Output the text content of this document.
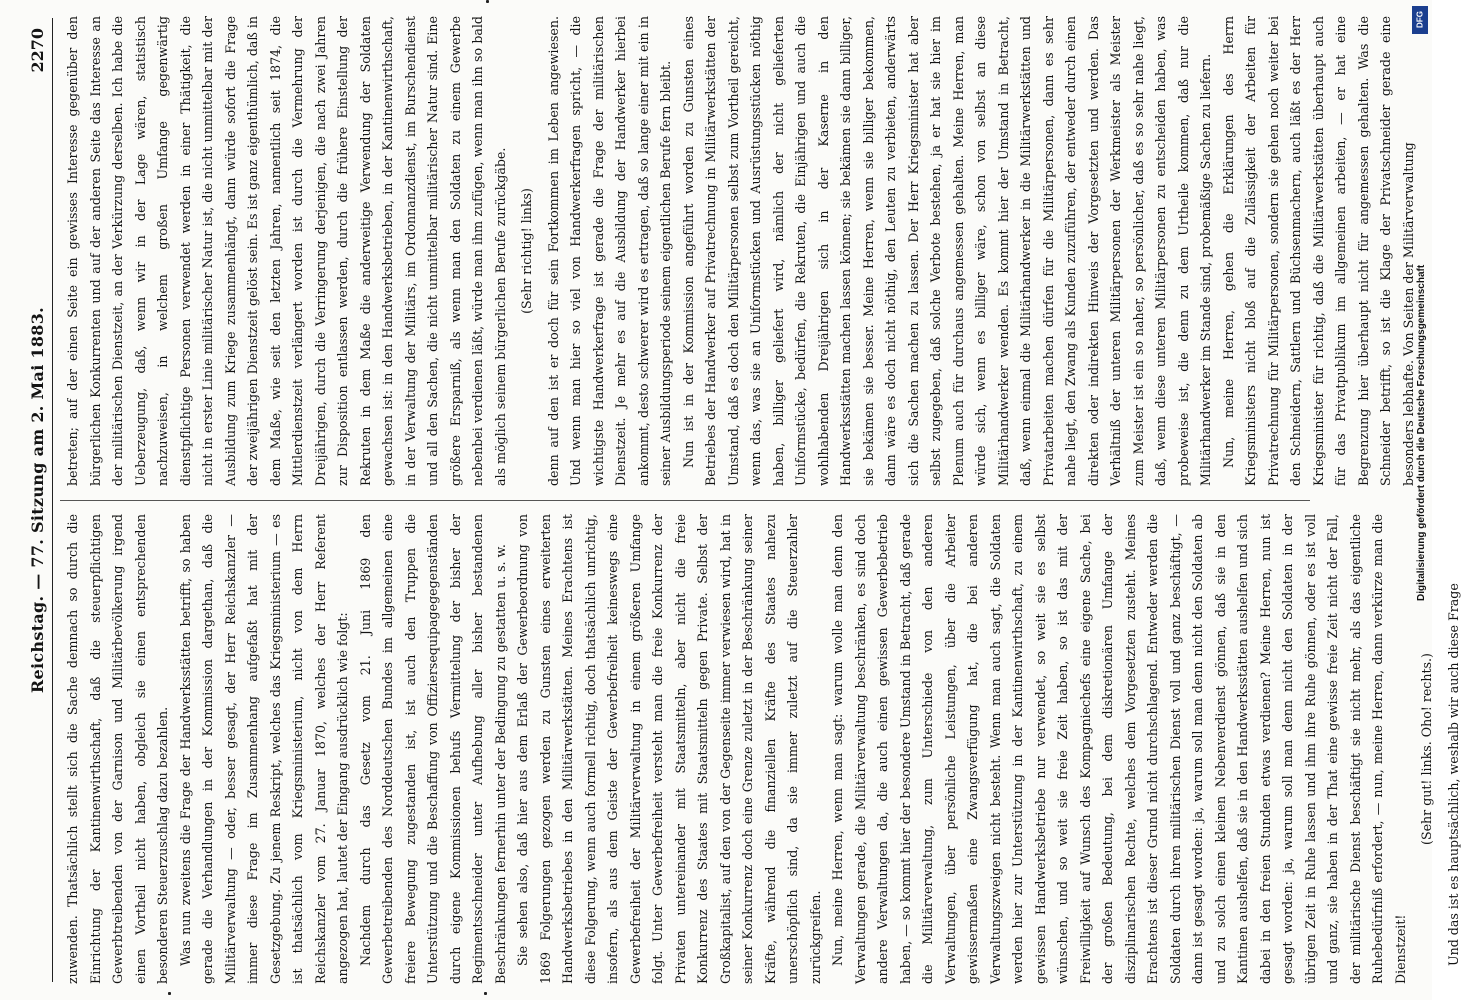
Reichstag. — 77. Sitzung am 2. Mai 1883.
2270

zuwenden. Thatsächlich stellt sich die Sache demnach so durch die Einrichtung der Kantinenwirthschaft, daß die steuerpflichtigen Gewerbtreibenden von der Garnison und Militärbevölkerung irgend einen Vortheil nicht haben, obgleich sie einen entsprechenden besonderen Steuerzuschlag dazu bezahlen. Was nun zweitens die Frage der Handwerksstätten betrifft, so haben gerade die Verhandlungen in der Kommission dargethan, daß die Militärverwaltung — oder, besser gesagt, der Herr Reichskanzler — immer diese Frage im Zusammenhang aufgefaßt hat mit der Gesetzgebung. Zu jenem Reskript, welches das Kriegsministerium — es ist thatsächlich vom Kriegsministerium, nicht von dem Herrn Reichskanzler vom 27. Januar 1870, welches der Herr Referent angezogen hat, lautet der Eingang ausdrücklich wie folgt: Nachdem durch das Gesetz vom 21. Juni 1869 den Gewerbetreibenden des Norddeutschen Bundes im allgemeinen eine freiere Bewegung zugestanden ist, ist auch den Truppen die Unterstützung und die Beschaffung von Offiziersequipagegegenständen durch eigene Kommissionen behufs Vermittelung der bisher der Regimentsschneider unter Aufhebung aller bisher bestandenen Beschränkungen fernerhin unter der Bedingung zu gestatten u. s. w. Sie sehen also, daß hier aus dem Erlaß der Gewerbeordnung von 1869 Folgerungen gezogen werden zu Gunsten eines erweiterten Handwerksbetriebes in den Militärwerkstätten. Meines Erachtens ist diese Folgerung, wenn auch formell richtig, doch thatsächlich unrichtig, insofern, als aus dem Geiste der Gewerbefreiheit keineswegs eine Gewerbefreiheit der Militärverwaltung in einem größeren Umfange folgt. Unter Gewerbefreiheit versteht man die freie Konkurrenz der Privaten untereinander mit Staatsmitteln, aber nicht die freie Konkurrenz des Staates mit Staatsmitteln gegen Private. Selbst der Großkapitalist, auf den von der Gegenseite immer verwiesen wird, hat in seiner Konkurrenz doch eine Grenze zuletzt in der Beschränkung seiner Kräfte, während die finanziellen Kräfte des Staates nahezu unerschöpflich sind, da sie immer zuletzt auf die Steuerzahler zurückgreifen. Nun, meine Herren, wenn man sagt: warum wolle man denn den Verwaltungen gerade, die Militärverwaltung beschränken, es sind doch andere Verwaltungen da, die auch einen gewissen Gewerbebetrieb haben, — so kommt hier der besondere Umstand in Betracht, daß gerade die Militärverwaltung, zum Unterschiede von den anderen Verwaltungen, über persönliche Leistungen, über die Arbeiter gewissermaßen eine Zwangsverfügung hat, die bei anderen Verwaltungszweigen nicht besteht. Wenn man auch sagt, die Soldaten werden hier zur Unterstützung in der Kantinenwirthschaft, zu einem gewissen Handwerksbetriebe nur verwendet, so weit sie es selbst wünschen, und so weit sie freie Zeit haben, so ist das mit der Freiwilligkeit auf Wunsch des Kompagniechefs eine eigene Sache, bei der großen Bedeutung, bei dem diskretionären Umfange der disziplinarischen Rechte, welches dem Vorgesetzten zusteht. Meines Erachtens ist dieser Grund nicht durchschlagend. Entweder werden die Soldaten durch ihren militärischen Dienst voll und ganz beschäftigt, — dann ist gesagt worden: ja, warum soll man denn nicht den Soldaten ab und zu solch einen kleinen Nebenverdienst gönnen, daß sie in den Kantinen aushelfen, daß sie in den Handwerksstätten aushelfen und sich dabei in den freien Stunden etwas verdienen? Meine Herren, nun ist gesagt worden: ja, warum soll man denn nicht den Soldaten in der übrigen Zeit in Ruhe lassen und ihm ihre Ruhe gönnen, oder es ist voll und ganz, sie haben in der That eine gewisse freie Zeit nicht der Fall, der militärische Dienst beschäftigt sie nicht mehr, als das eigentliche Ruhebedürfniß erfordert, — nun, meine Herren, dann verkürze man die Dienstzeit!

(Sehr gut! links. Oho! rechts.) Und das ist es hauptsächlich, weshalb wir auch diese Frage

betreten; auf der einen Seite ein gewisses Interesse gegenüber den bürgerlichen Konkurrenten und auf der anderen Seite das Interesse an der militärischen Dienstzeit, an der Verkürzung derselben. Ich habe die Ueberzeugung, daß, wenn wir in der Lage wären, statistisch nachzuweisen, in welchem großen Umfange gegenwärtig dienstpflichtige Personen verwendet werden in einer Thätigkeit, die nicht in erster Linie militärischer Natur ist, die nicht unmittelbar mit der Ausbildung zum Kriege zusammenhängt, dann würde sofort die Frage der zweijährigen Dienstzeit gelöst sein. Es ist ganz eigenthümlich, daß in dem Maße, wie seit den letzten Jahren, namentlich seit 1874, die Mittlerdienstzeit verlängert worden ist durch die Vermehrung der Dreijährigen, durch die Verringerung derjenigen, die nach zwei Jahren zur Disposition entlassen werden, durch die frühere Einstellung der Rekruten in dem Maße die anderweitige Verwendung der Soldaten gewachsen ist: in den Handwerksbetrieben, in der Kantinenwirthschaft, in der Verwaltung der Militärs, im Ordonnanzdienst, im Burschendienst und all den Sachen, die nicht unmittelbar militärischer Natur sind. Eine größere Ersparniß, als wenn man den Soldaten zu einem Gewerbe nebenbei verdienen läßt, würde man ihm zufügen, wenn man ihn so bald als möglich seinem bürgerlichen Berufe zurückgäbe. (Sehr richtig! links) denn auf den ist er doch für sein Fortkommen im Leben angewiesen. Und wenn man hier so viel von Handwerkerfragen spricht, — die wichtigste Handwerkerfrage ist gerade die Frage der militärischen Dienstzeit. Je mehr es auf die Ausbildung der Handwerker hierbei ankommt, desto schwerer wird es ertragen, daß so lange einer mit ein in seiner Ausbildungsperiode seinem eigentlichen Berufe fern bleibt. Nun ist in der Kommission angeführt worden zu Gunsten eines Betriebes der Handwerker auf Privatrechnung in Militärwerkstätten der Umstand, daß es doch den Militärpersonen selbst zum Vortheil gereicht, wenn das, was sie an Uniformstücken und Ausrüstungsstücken nöthig haben, billiger geliefert wird, nämlich der nicht gelieferten Uniformstücke, bedürfen, die Rekruten, die Einjährigen und auch die wohlhabenden Dreijährigen sich in der Kaserne in den Handwerksstätten machen lassen können; sie bekämen sie dann billiger, sie bekämen sie besser. Meine Herren, wenn sie billiger bekommen, dann wäre es doch nicht nöthig, den Leuten zu verbieten, anderwärts sich die Sachen machen zu lassen. Der Herr Kriegsminister hat aber selbst zugegeben, daß solche Verbote bestehen, ja er hat sie hier im Plenum auch für durchaus angemessen gehalten. Meine Herren, man würde sich, wenn es billiger wäre, schon von selbst an diese Militärhandwerker wenden. Es kommt hier der Umstand in Betracht, daß, wenn einmal die Militärhandwerker in die Militärwerkstätten und Privatarbeiten machen dürfen für die Militärpersonen, dann es sehr nahe liegt, den Zwang als Kunden zuzuführen, der entweder durch einen direkten oder indirekten Hinweis der Vorgesetzten und werden. Das Verhältniß der unteren Militärpersonen der Werkmeister als Meister zum Meister ist ein so naher, so persönlicher, daß es so sehr nahe liegt, daß, wenn diese unteren Militärpersonen zu entscheiden haben, was probeweise ist, die denn zu dem Urtheile kommen, daß nur die Militärhandwerker im Stande sind, probemäßige Sachen zu liefern. Nun, meine Herren, gehen die Erklärungen des Herrn Kriegsministers nicht bloß auf die Zulässigkeit der Arbeiten für Privatrechnung für Militärpersonen, sondern sie gehen noch weiter bei den Schneidern, Sattlern und Büchsenmachern, auch läßt es der Herr Kriegsminister für richtig, daß die Militärwerkstätten überhaupt auch für das Privatpublikum im allgemeinen arbeiten, — er hat eine Begrenzung hier überhaupt nicht für angemessen gehalten. Was die Schneider betrifft, so ist die Klage der Privatschneider gerade eine besonders lebhafte. Von Seiten der Militärverwaltung

DFG
Digitalisierung gefördert durch die Deutsche Forschungsgemeinschaft
